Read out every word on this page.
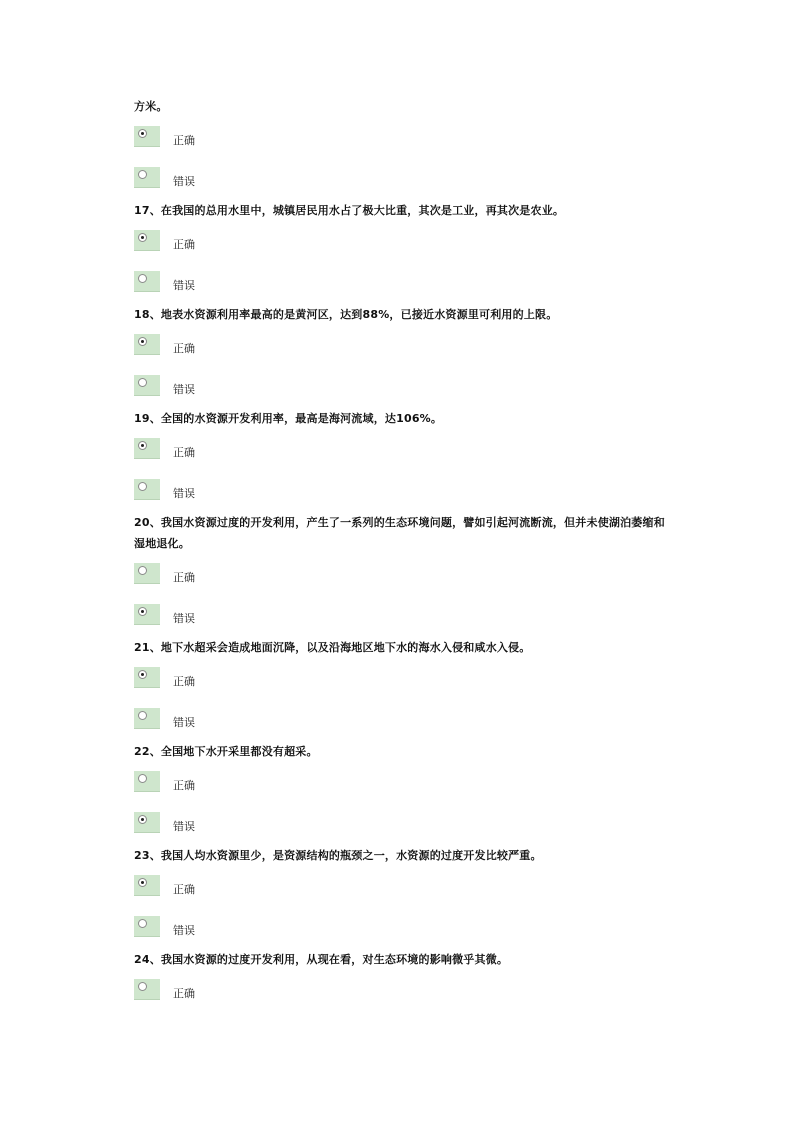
方米。
正确
错误
17、在我国的总用水里中，城镇居民用水占了极大比重，其次是工业，再其次是农业。
正确
错误
18、地表水资源利用率最高的是黄河区，达到88%，已接近水资源里可利用的上限。
正确
错误
19、全国的水资源开发利用率，最高是海河流域，达106%。
正确
错误
20、我国水资源过度的开发利用，产生了一系列的生态环境问题，譬如引起河流断流，但并未使湖泊萎缩和湿地退化。
正确
错误
21、地下水超采会造成地面沉降，以及沿海地区地下水的海水入侵和咸水入侵。
正确
错误
22、全国地下水开采里都没有超采。
正确
错误
23、我国人均水资源里少，是资源结构的瓶颈之一，水资源的过度开发比较严重。
正确
错误
24、我国水资源的过度开发利用，从现在看，对生态环境的影响微乎其微。
正确
